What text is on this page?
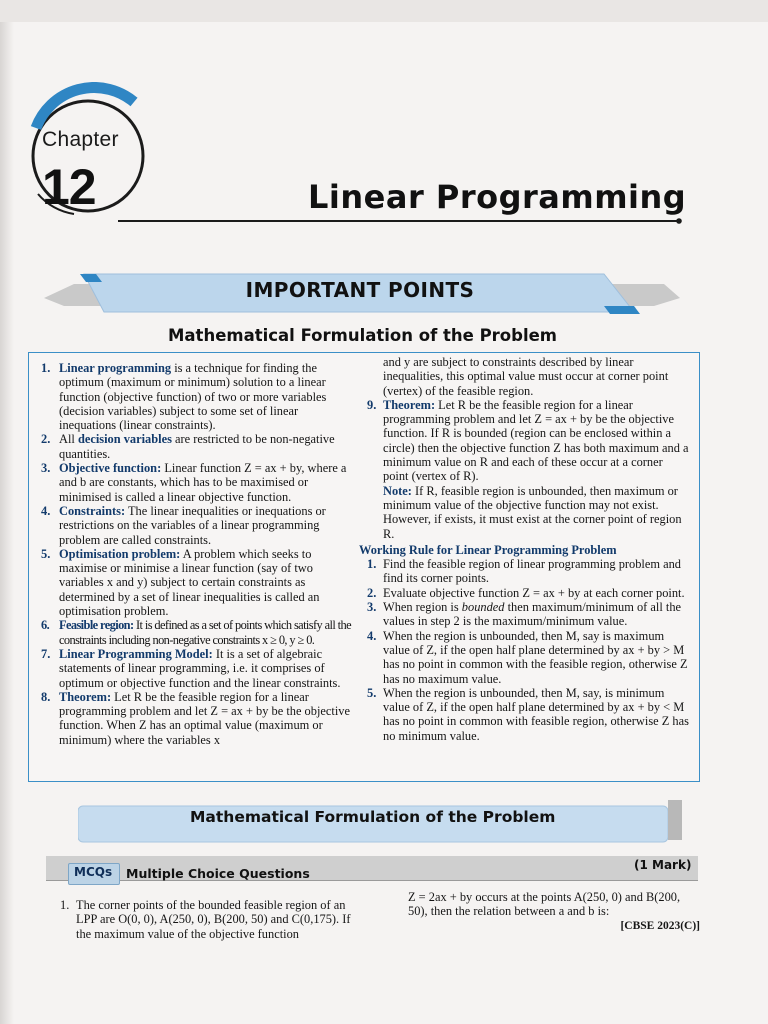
Chapter
12	Linear Programming
IMPORTANT POINTS
Mathematical Formulation of the Problem
1. Linear programming is a technique for finding the optimum (maximum or minimum) solution to a linear function (objective function) of two or more variables (decision variables) subject to some set of linear inequations (linear constraints).
2. All decision variables are restricted to be non-negative quantities.
3. Objective function: Linear function Z = ax + by, where a and b are constants, which has to be maximised or minimised is called a linear objective function.
4. Constraints: The linear inequalities or inequations or restrictions on the variables of a linear programming problem are called constraints.
5. Optimisation problem: A problem which seeks to maximise or minimise a linear function (say of two variables x and y) subject to certain constraints as determined by a set of linear inequalities is called an optimisation problem.
6. Feasible region: It is defined as a set of points which satisfy all the constraints including non-negative constraints x ≥ 0, y ≥ 0.
7. Linear Programming Model: It is a set of algebraic statements of linear programming, i.e. it comprises of optimum or objective function and the linear constraints.
8. Theorem: Let R be the feasible region for a linear programming problem and let Z = ax + by be the objective function. When Z has an optimal value (maximum or minimum) where the variables x
and y are subject to constraints described by linear inequalities, this optimal value must occur at corner point (vertex) of the feasible region.
9. Theorem: Let R be the feasible region for a linear programming problem and let Z = ax + by be the objective function. If R is bounded (region can be enclosed within a circle) then the objective function Z has both maximum and a minimum value on R and each of these occur at a corner point (vertex of R).
Note: If R, feasible region is unbounded, then maximum or minimum value of the objective function may not exist. However, if exists, it must exist at the corner point of region R.
Working Rule for Linear Programming Problem
1. Find the feasible region of linear programming problem and find its corner points.
2. Evaluate objective function Z = ax + by at each corner point.
3. When region is bounded then maximum/minimum of all the values in step 2 is the maximum/minimum value.
4. When the region is unbounded, then M, say is maximum value of Z, if the open half plane determined by ax + by > M has no point in common with the feasible region, otherwise Z has no maximum value.
5. When the region is unbounded, then M, say, is minimum value of Z, if the open half plane determined by ax + by < M has no point in common with feasible region, otherwise Z has no minimum value.
Mathematical Formulation of the Problem
MCQs Multiple Choice Questions
(1 Mark)
1. The corner points of the bounded feasible region of an LPP are O(0, 0), A(250, 0), B(200, 50) and C(0,175). If the maximum value of the objective function
Z = 2ax + by occurs at the points A(250, 0) and B(200, 50), then the relation between a and b is:
[CBSE 2023(C)]
